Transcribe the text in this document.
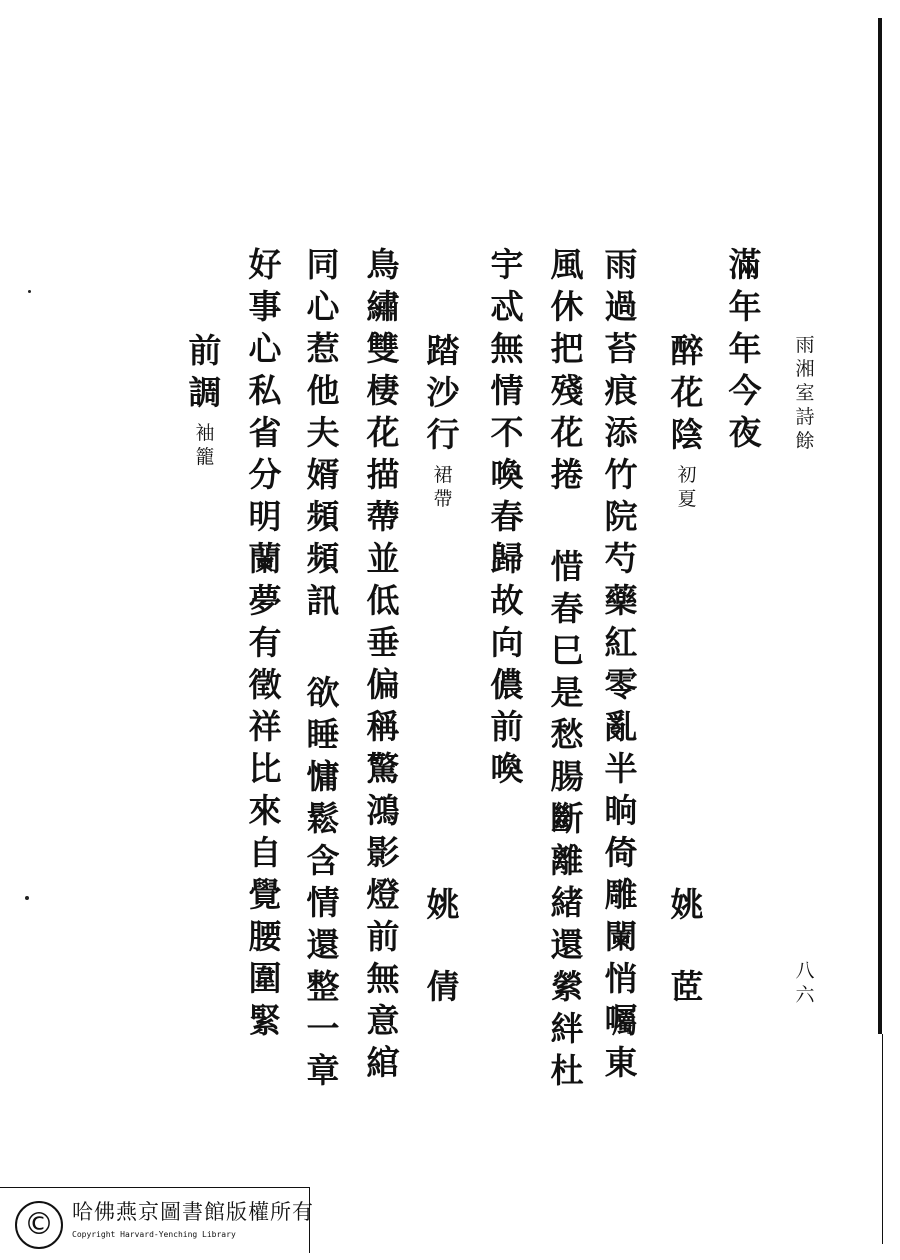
雨
湘
室
詩
餘
八
六
滿
年
年
今
夜
醉
花
陰
初
夏
姚
茝
雨
過
苔
痕
添
竹
院
芍
藥
紅
零
亂
半
晌
倚
雕
闌
悄
囑
東
風
休
把
殘
花
捲
惜
春
巳
是
愁
腸
斷
離
緒
還
縈
絆
杜
宇
忒
無
情
不
喚
春
歸
故
向
儂
前
喚
踏
沙
行
裙
帶
姚
倩
鳥
繡
雙
棲
花
描
蔕
並
低
垂
偏
稱
驚
鴻
影
燈
前
無
意
綰
同
心
惹
他
夫
婿
頻
頻
訊
欲
睡
慵
鬆
含
情
還
整
一
章
好
事
心
私
省
分
明
蘭
夢
有
徵
祥
比
來
自
覺
腰
圍
緊
前
調
袖
籠
© 哈佛燕京圖書館版權所有
Copyright Harvard-Yenching Library
